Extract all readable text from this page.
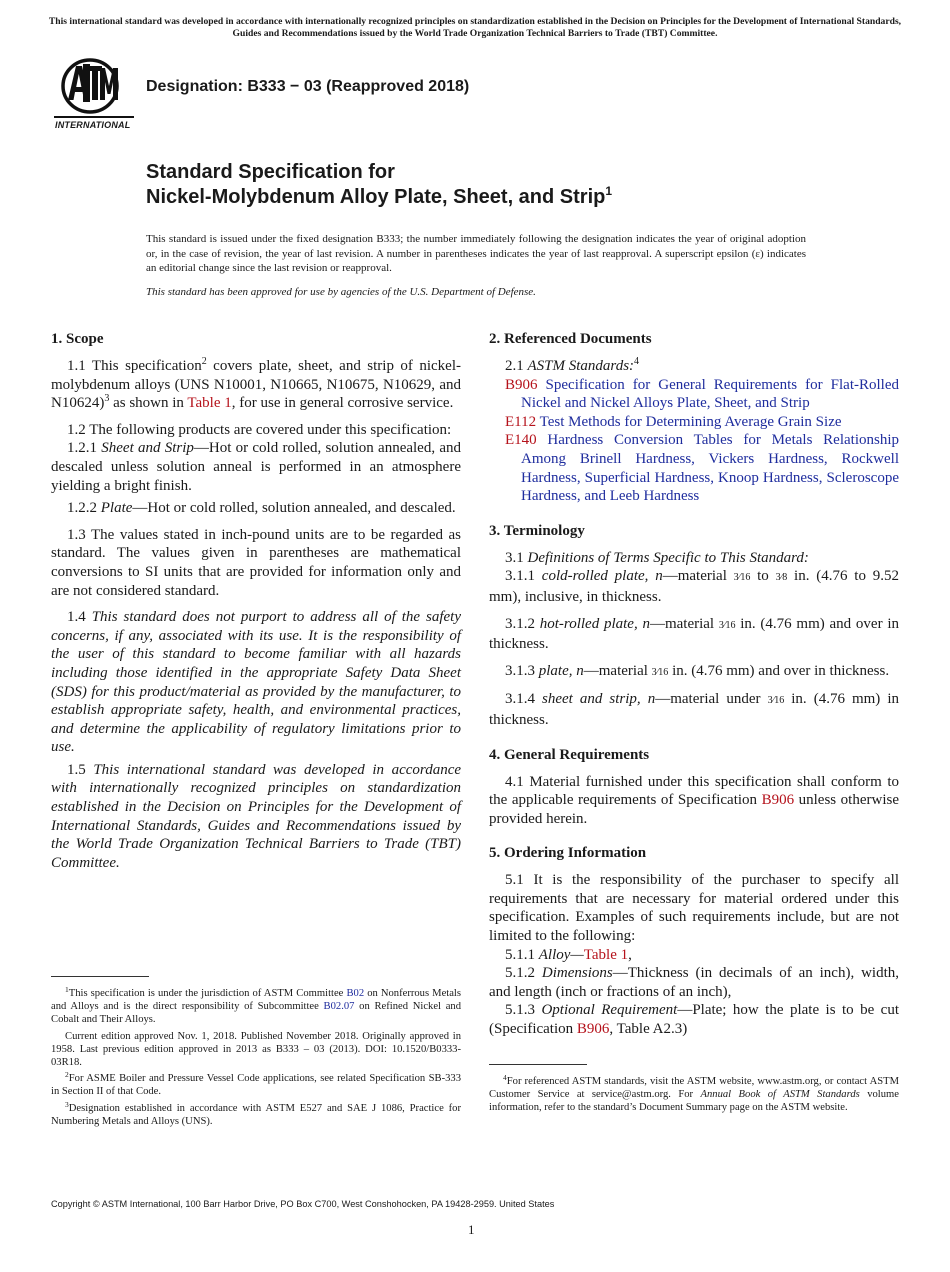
This international standard was developed in accordance with internationally recognized principles on standardization established in the Decision on Principles for the Development of International Standards, Guides and Recommendations issued by the World Trade Organization Technical Barriers to Trade (TBT) Committee.
INTERNATIONAL
Designation: B333 − 03 (Reapproved 2018)
Standard Specification for
Nickel-Molybdenum Alloy Plate, Sheet, and Strip$^1$
This standard is issued under the fixed designation B333; the number immediately following the designation indicates the year of original adoption or, in the case of revision, the year of last revision. A number in parentheses indicates the year of last reapproval. A superscript epsilon (ε) indicates an editorial change since the last revision or reapproval.
This standard has been approved for use by agencies of the U.S. Department of Defense.
1. Scope

1.1 This specification$^2$ covers plate, sheet, and strip of nickel-molybdenum alloys (UNS N10001, N10665, N10675, N10629, and N10624)$^3$ as shown in Table 1, for use in general corrosive service.

1.2 The following products are covered under this specification:

1.2.1 Sheet and Strip—Hot or cold rolled, solution annealed, and descaled unless solution anneal is performed in an atmosphere yielding a bright finish.

1.2.2 Plate—Hot or cold rolled, solution annealed, and descaled.

1.3 The values stated in inch-pound units are to be regarded as standard. The values given in parentheses are mathematical conversions to SI units that are provided for information only and are not considered standard.

1.4 This standard does not purport to address all of the safety concerns, if any, associated with its use. It is the responsibility of the user of this standard to become familiar with all hazards including those identified in the appropriate Safety Data Sheet (SDS) for this product/material as provided by the manufacturer, to establish appropriate safety, health, and environmental practices, and determine the applicability of regulatory limitations prior to use.

1.5 This international standard was developed in accordance with internationally recognized principles on standardization established in the Decision on Principles for the Development of International Standards, Guides and Recommendations issued by the World Trade Organization Technical Barriers to Trade (TBT) Committee.

$^1$This specification is under the jurisdiction of ASTM Committee B02 on Nonferrous Metals and Alloys and is the direct responsibility of Subcommittee B02.07 on Refined Nickel and Cobalt and Their Alloys.

Current edition approved Nov. 1, 2018. Published November 2018. Originally approved in 1958. Last previous edition approved in 2013 as B333 – 03 (2013). DOI: 10.1520/B0333-03R18.

$^2$For ASME Boiler and Pressure Vessel Code applications, see related Specification SB-333 in Section II of that Code.

$^3$Designation established in accordance with ASTM E527 and SAE J 1086, Practice for Numbering Metals and Alloys (UNS).

2. Referenced Documents

2.1 ASTM Standards:$^4$

B906 Specification for General Requirements for Flat-Rolled Nickel and Nickel Alloys Plate, Sheet, and Strip

E112 Test Methods for Determining Average Grain Size

E140 Hardness Conversion Tables for Metals Relationship Among Brinell Hardness, Vickers Hardness, Rockwell Hardness, Superficial Hardness, Knoop Hardness, Scleroscope Hardness, and Leeb Hardness

3. Terminology

3.1 Definitions of Terms Specific to This Standard:

3.1.1 cold-rolled plate, n—material 3⁄16 to 3⁄8 in. (4.76 to 9.52 mm), inclusive, in thickness.

3.1.2 hot-rolled plate, n—material 3⁄16 in. (4.76 mm) and over in thickness.

3.1.3 plate, n—material 3⁄16 in. (4.76 mm) and over in thickness.

3.1.4 sheet and strip, n—material under 3⁄16 in. (4.76 mm) in thickness.

4. General Requirements

4.1 Material furnished under this specification shall conform to the applicable requirements of Specification B906 unless otherwise provided herein.

5. Ordering Information

5.1 It is the responsibility of the purchaser to specify all requirements that are necessary for material ordered under this specification. Examples of such requirements include, but are not limited to the following:

5.1.1 Alloy—Table 1,

5.1.2 Dimensions—Thickness (in decimals of an inch), width, and length (inch or fractions of an inch),

5.1.3 Optional Requirement—Plate; how the plate is to be cut (Specification B906, Table A2.3)

$^4$For referenced ASTM standards, visit the ASTM website, www.astm.org, or contact ASTM Customer Service at service@astm.org. For Annual Book of ASTM Standards volume information, refer to the standard’s Document Summary page on the ASTM website.

Copyright © ASTM International, 100 Barr Harbor Drive, PO Box C700, West Conshohocken, PA 19428-2959. United States
1
